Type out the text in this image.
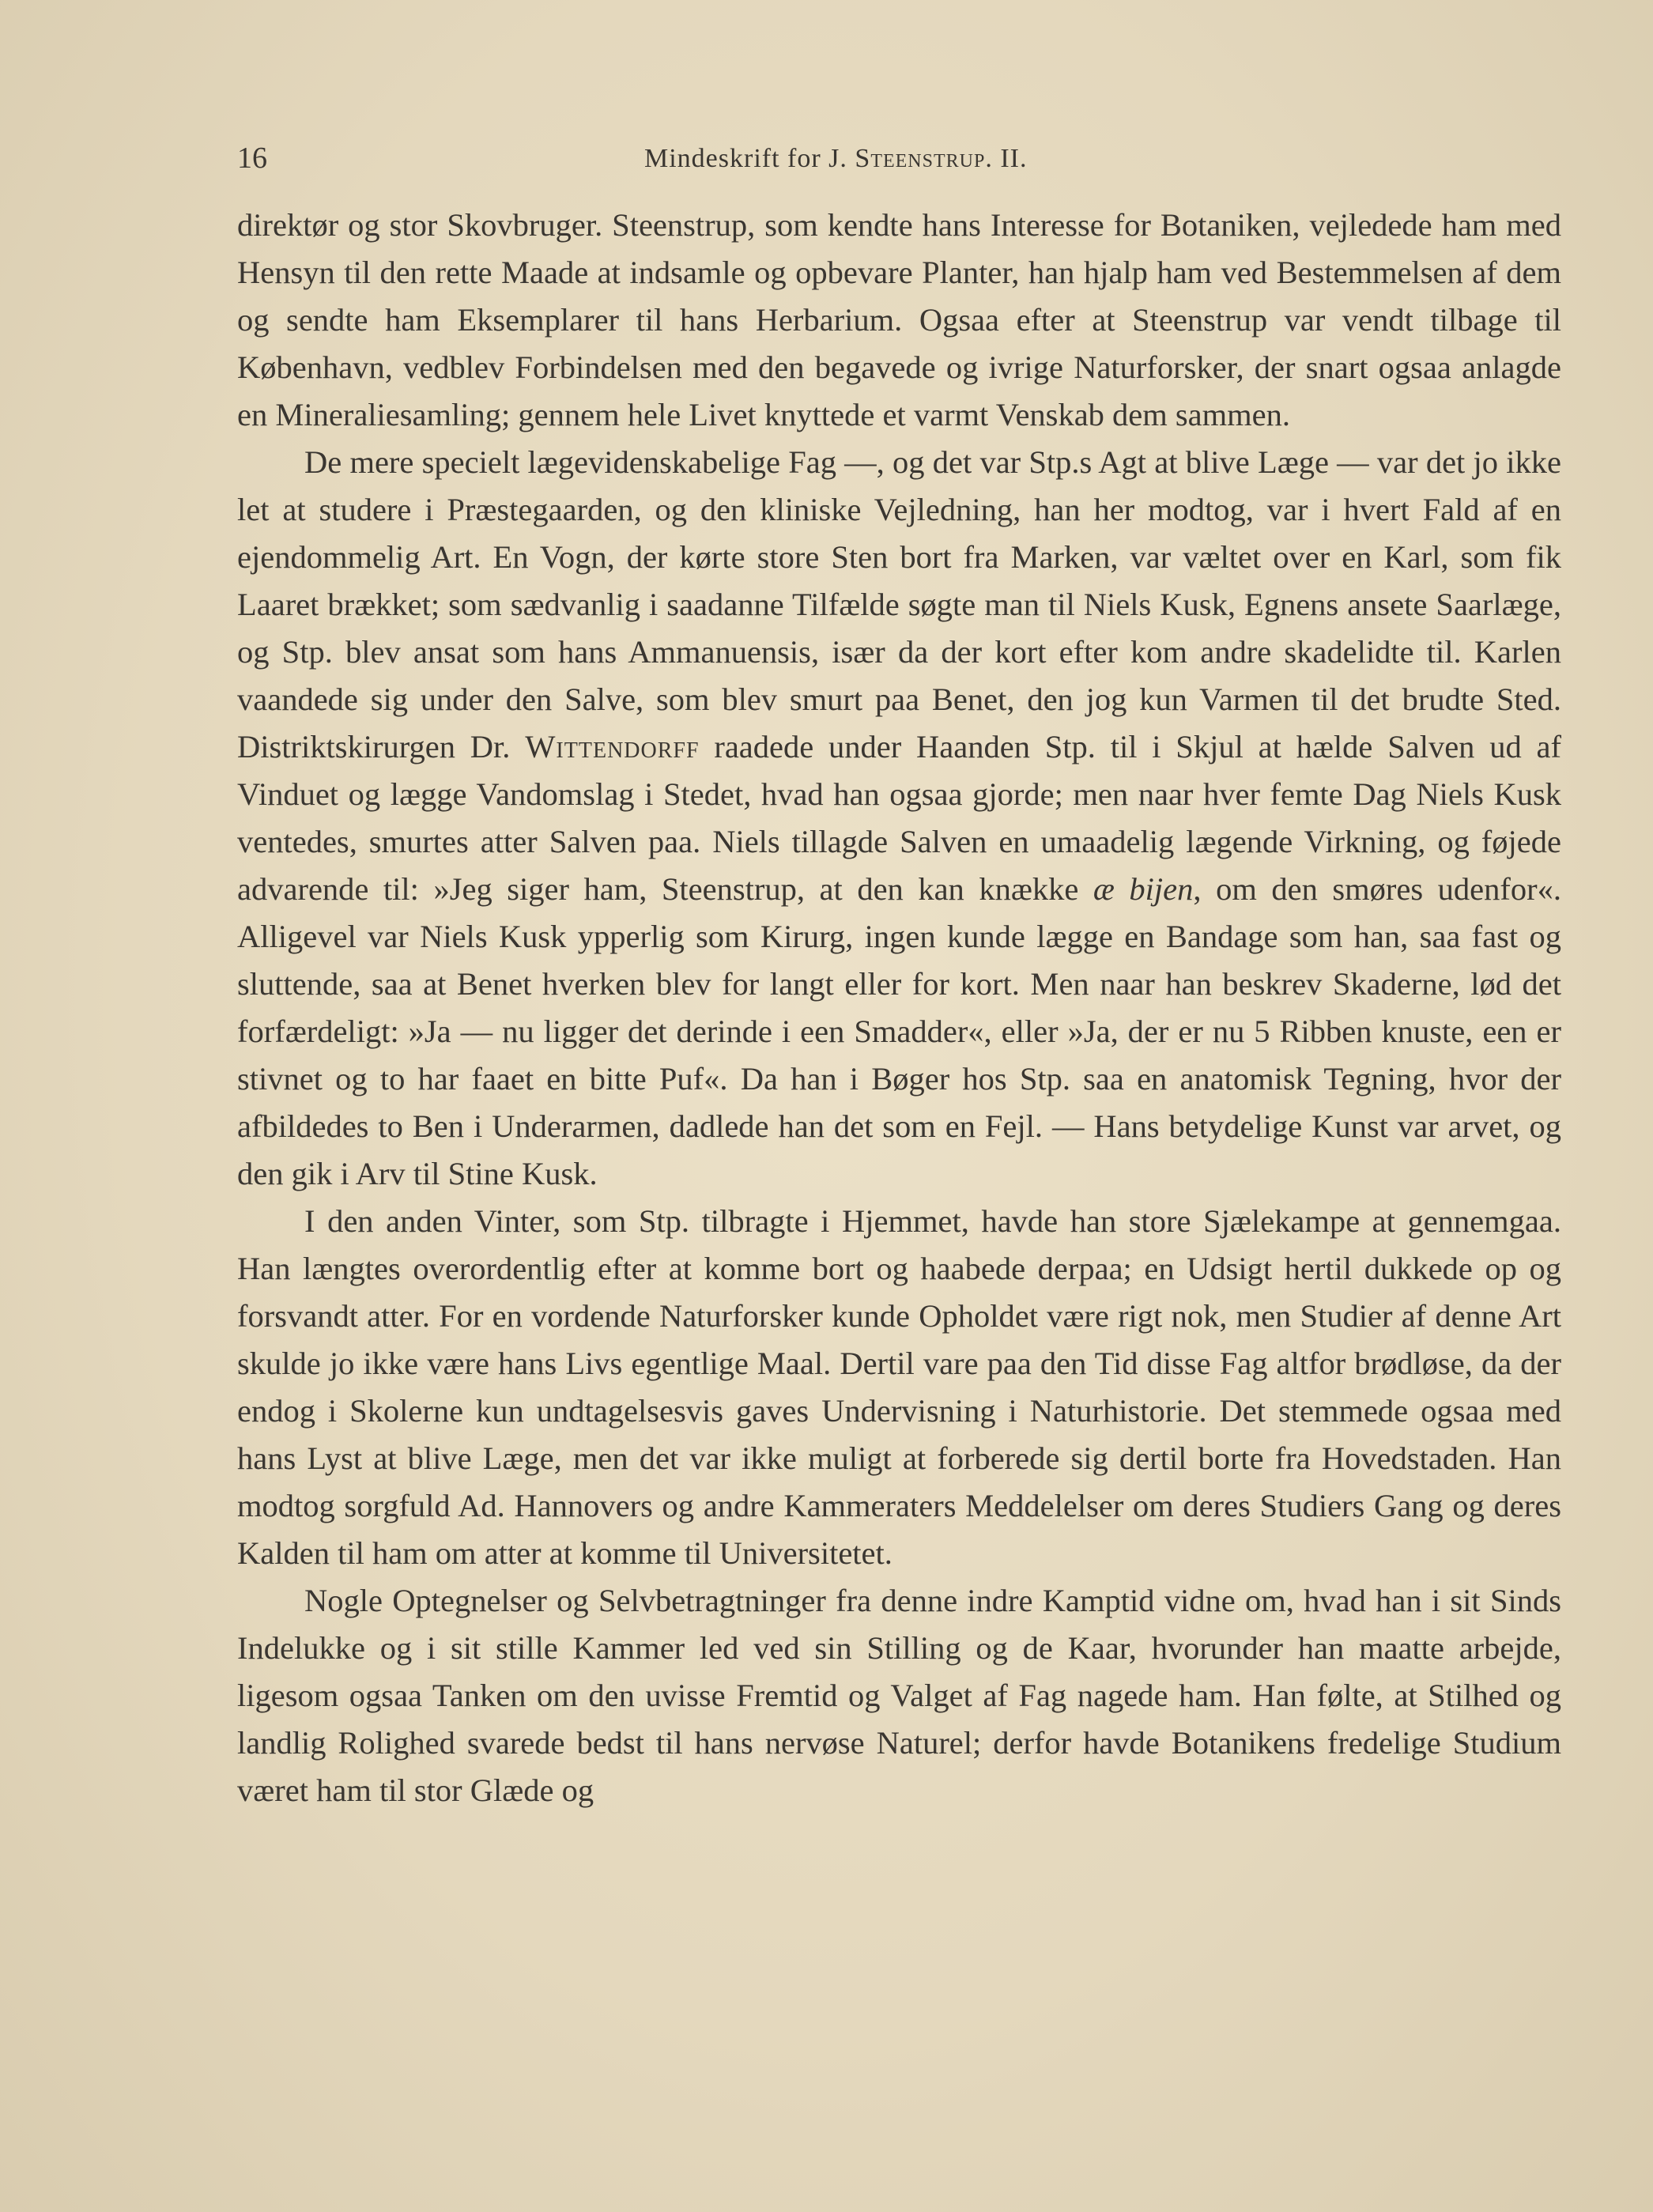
16	Mindeskrift for J. Steenstrup. II.

direktør og stor Skovbruger. Steenstrup, som kendte hans Interesse for Botaniken, vejledede ham med Hensyn til den rette Maade at indsamle og opbevare Planter, han hjalp ham ved Bestemmelsen af dem og sendte ham Eksemplarer til hans Herbarium. Ogsaa efter at Steenstrup var vendt tilbage til København, vedblev Forbindelsen med den begavede og ivrige Naturforsker, der snart ogsaa anlagde en Mineraliesamling; gennem hele Livet knyttede et varmt Venskab dem sammen.

De mere specielt lægevidenskabelige Fag —, og det var Stp.s Agt at blive Læge — var det jo ikke let at studere i Præstegaarden, og den kliniske Vejledning, han her modtog, var i hvert Fald af en ejendommelig Art. En Vogn, der kørte store Sten bort fra Marken, var væltet over en Karl, som fik Laaret brækket; som sædvanlig i saadanne Tilfælde søgte man til Niels Kusk, Egnens ansete Saarlæge, og Stp. blev ansat som hans Ammanuensis, især da der kort efter kom andre skadelidte til. Karlen vaandede sig under den Salve, som blev smurt paa Benet, den jog kun Varmen til det brudte Sted. Distriktskirurgen Dr. Wittendorff raadede under Haanden Stp. til i Skjul at hælde Salven ud af Vinduet og lægge Vandomslag i Stedet, hvad han ogsaa gjorde; men naar hver femte Dag Niels Kusk ventedes, smurtes atter Salven paa. Niels tillagde Salven en umaadelig lægende Virkning, og føjede advarende til: »Jeg siger ham, Steenstrup, at den kan knække æ bijen, om den smøres udenfor«. Alligevel var Niels Kusk ypperlig som Kirurg, ingen kunde lægge en Bandage som han, saa fast og sluttende, saa at Benet hverken blev for langt eller for kort. Men naar han beskrev Skaderne, lød det forfærdeligt: »Ja — nu ligger det derinde i een Smadder«, eller »Ja, der er nu 5 Ribben knuste, een er stivnet og to har faaet en bitte Puf«. Da han i Bøger hos Stp. saa en anatomisk Tegning, hvor der afbildedes to Ben i Underarmen, dadlede han det som en Fejl. — Hans betydelige Kunst var arvet, og den gik i Arv til Stine Kusk.

I den anden Vinter, som Stp. tilbragte i Hjemmet, havde han store Sjælekampe at gennemgaa. Han længtes overordentlig efter at komme bort og haabede derpaa; en Udsigt hertil dukkede op og forsvandt atter. For en vordende Naturforsker kunde Opholdet være rigt nok, men Studier af denne Art skulde jo ikke være hans Livs egentlige Maal. Dertil vare paa den Tid disse Fag altfor brødløse, da der endog i Skolerne kun undtagelsesvis gaves Undervisning i Naturhistorie. Det stemmede ogsaa med hans Lyst at blive Læge, men det var ikke muligt at forberede sig dertil borte fra Hovedstaden. Han modtog sorgfuld Ad. Hannovers og andre Kammeraters Meddelelser om deres Studiers Gang og deres Kalden til ham om atter at komme til Universitetet.

Nogle Optegnelser og Selvbetragtninger fra denne indre Kamptid vidne om, hvad han i sit Sinds Indelukke og i sit stille Kammer led ved sin Stilling og de Kaar, hvorunder han maatte arbejde, ligesom ogsaa Tanken om den uvisse Fremtid og Valget af Fag nagede ham. Han følte, at Stilhed og landlig Rolighed svarede bedst til hans nervøse Naturel; derfor havde Botanikens fredelige Studium været ham til stor Glæde og
